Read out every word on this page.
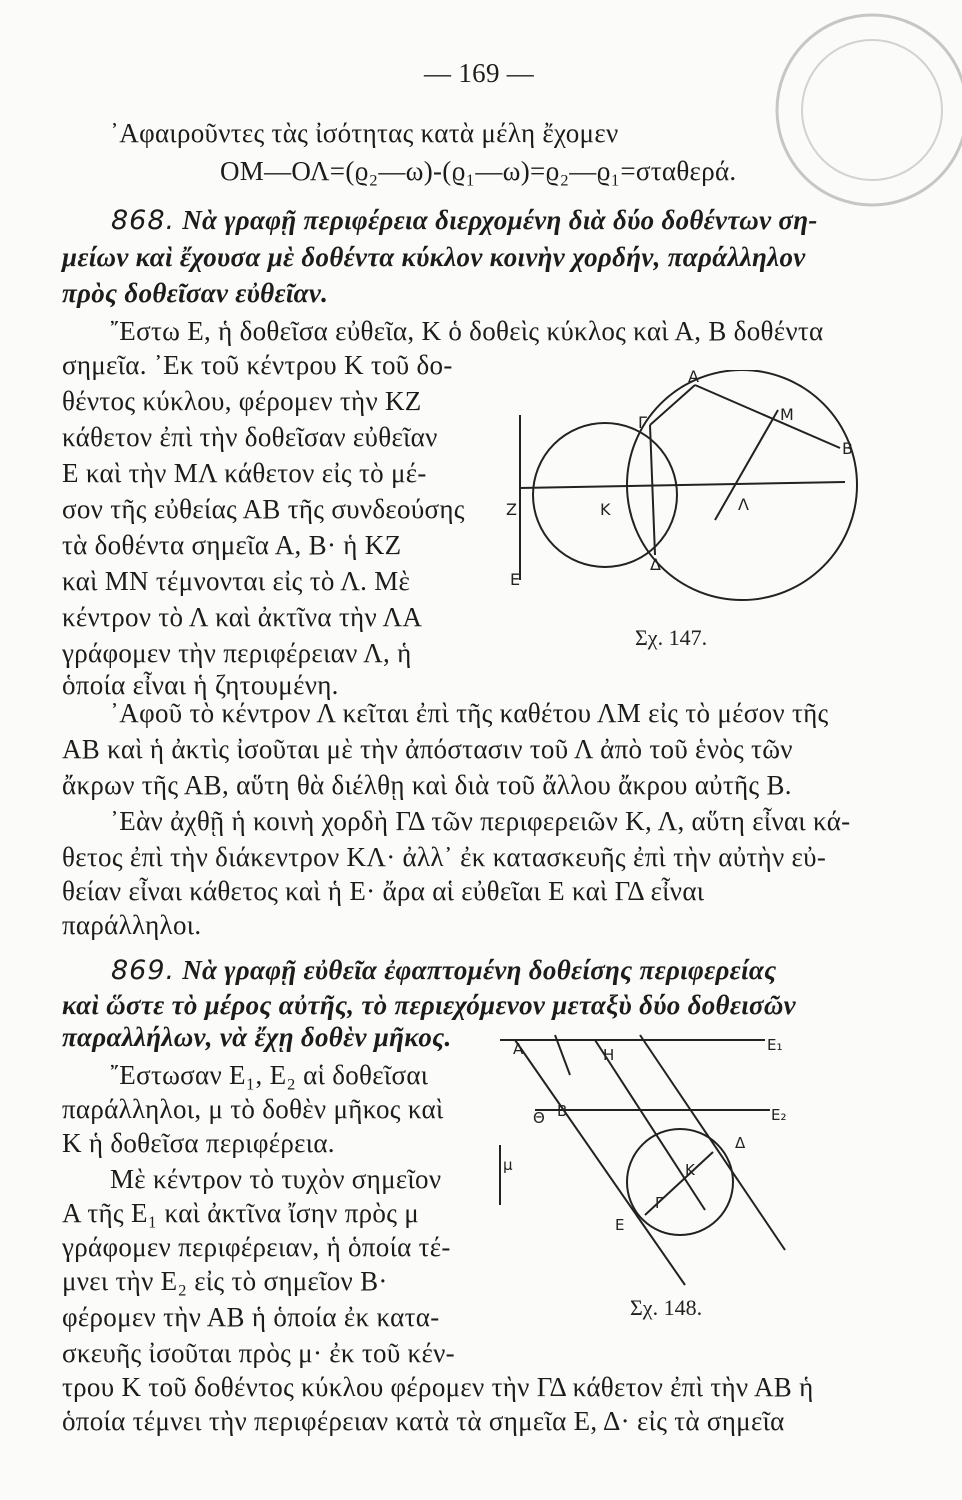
— 169 —
᾿Αφαιροῦντες τὰς ἰσότητας κατὰ μέλη ἔχομεν
ΟΜ—ΟΛ=(ϱ₂—ω)-(ϱ₁—ω)=ϱ₂—ϱ₁=σταθερά.
868. Νὰ γραφῇ περιφέρεια διερχομένη διὰ δύο δοθέντων ση-
μείων καὶ ἔχουσα μὲ δοθέντα κύκλον κοινὴν χορδήν, παράλληλον
πρὸς δοθεῖσαν εὐθεῖαν.
῎Εστω Ε, ἡ δοθεῖσα εὐθεῖα, Κ ὁ δοθεὶς κύκλος καὶ Α, Β δοθέντα
σημεῖα. ᾿Εκ τοῦ κέντρου Κ τοῦ δο-
θέντος κύκλου, φέρομεν τὴν ΚΖ
κάθετον ἐπὶ τὴν δοθεῖσαν εὐθεῖαν
Ε καὶ τὴν ΜΛ κάθετον εἰς τὸ μέ-
σον τῆς εὐθείας ΑΒ τῆς συνδεούσης
τὰ δοθέντα σημεῖα Α, Β· ἡ ΚΖ
καὶ ΜΝ τέμνονται εἰς τὸ Λ. Μὲ
κέντρον τὸ Λ καὶ ἀκτῖνα τὴν ΛΑ
γράφομεν τὴν περιφέρειαν Λ, ἡ
ὁποία εἶναι ἡ ζητουμένη.
Α
Μ
Β
Γ
Ζ	Κ	Λ
Δ
Ε
Σχ. 147.
᾿Αφοῦ τὸ κέντρον Λ κεῖται ἐπὶ τῆς καθέτου ΛΜ εἰς τὸ μέσον τῆς
ΑΒ καὶ ἡ ἀκτὶς ἰσοῦται μὲ τὴν ἀπόστασιν τοῦ Λ ἀπὸ τοῦ ἑνὸς τῶν
ἄκρων τῆς ΑΒ, αὕτη θὰ διέλθῃ καὶ διὰ τοῦ ἄλλου ἄκρου αὐτῆς Β.
᾿Εὰν ἀχθῇ ἡ κοινὴ χορδὴ ΓΔ τῶν περιφερειῶν Κ, Λ, αὕτη εἶναι κά-
θετος ἐπὶ τὴν διάκεντρον ΚΛ· ἀλλ᾿ ἐκ κατασκευῆς ἐπὶ τὴν αὐτὴν εὐ-
θείαν εἶναι κάθετος καὶ ἡ Ε· ἄρα αἱ εὐθεῖαι Ε καὶ ΓΔ εἶναι
παράλληλοι.
869. Νὰ γραφῇ εὐθεῖα ἐφαπτομένη δοθείσης περιφερείας
καὶ ὥστε τὸ μέρος αὐτῆς, τὸ περιεχόμενον μεταξὺ δύο δοθεισῶν
παραλλήλων, νὰ ἔχῃ δοθὲν μῆκος.
῎Εστωσαν Ε₁, Ε₂ αἱ δοθεῖσαι
παράλληλοι, μ τὸ δοθὲν μῆκος καὶ
Κ ἡ δοθεῖσα περιφέρεια.
Μὲ κέντρον τὸ τυχὸν σημεῖον
Α τῆς Ε₁ καὶ ἀκτῖνα ἴσην πρὸς μ
γράφομεν περιφέρειαν, ἡ ὁποία τέ-
μνει τὴν Ε₂ εἰς τὸ σημεῖον Β·
φέρομεν τὴν ΑΒ ἡ ὁποία ἐκ κατα-
σκευῆς ἰσοῦται πρὸς μ· ἐκ τοῦ κέν-
τρου Κ τοῦ δοθέντος κύκλου φέρομεν τὴν ΓΔ κάθετον ἐπὶ τὴν ΑΒ ἡ
ὁποία τέμνει τὴν περιφέρειαν κατὰ τὰ σημεῖα Ε, Δ· εἰς τὰ σημεῖα
Α	Η
Ε₁
Θ Β	Ε₂
Δ
μ	Κ
Γ
Ε
Σχ. 148.
